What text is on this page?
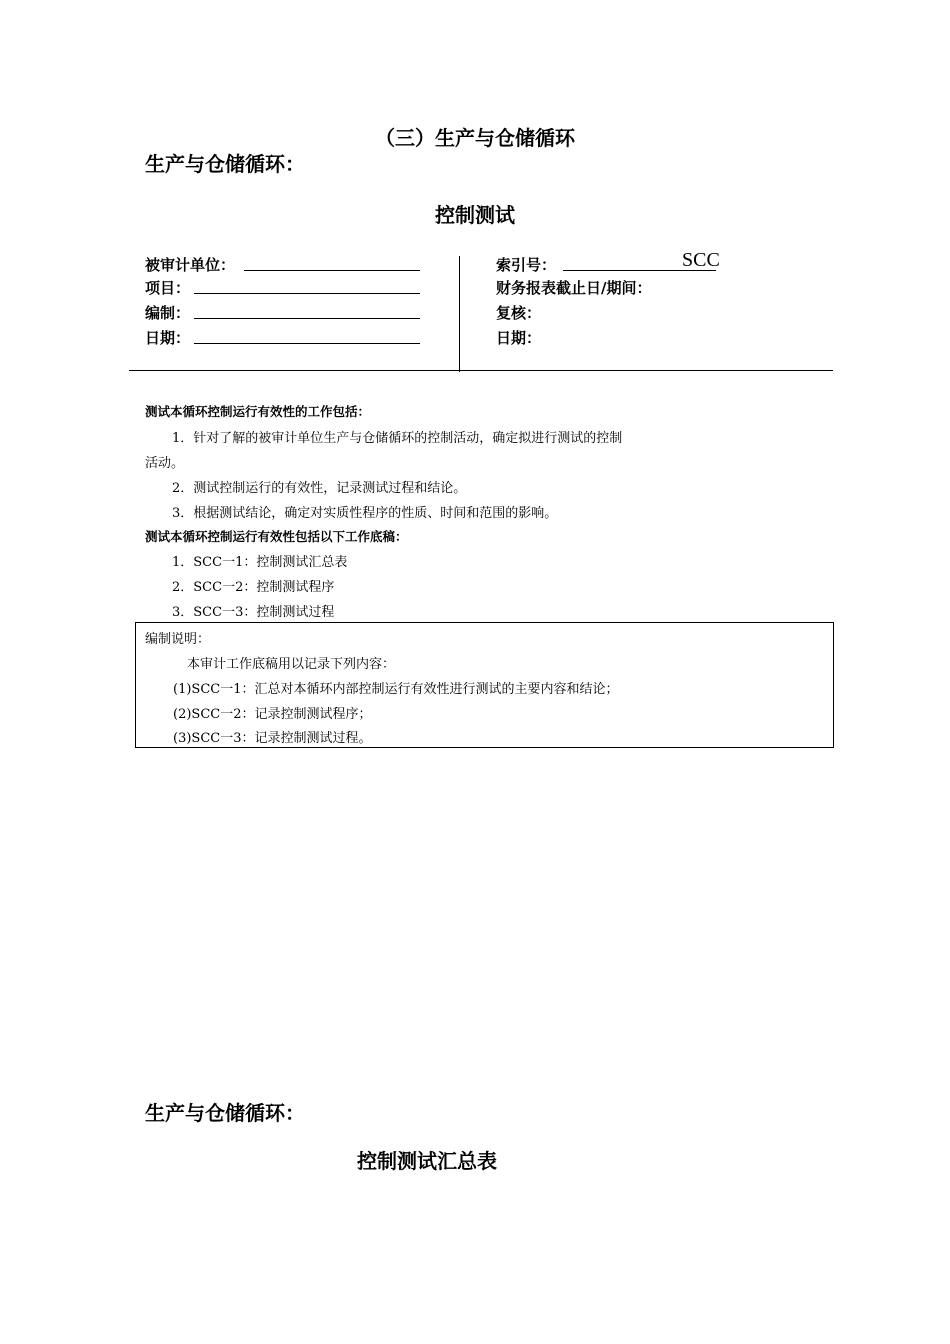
（三）生产与仓储循环
生产与仓储循环：
控制测试
被审计单位：
项目：
编制：
日期：
索引号：	SCC
财务报表截止日/期间：
复核：
日期：
测试本循环控制运行有效性的工作包括：
1．针对了解的被审计单位生产与仓储循环的控制活动，确定拟进行测试的控制
活动。
2．测试控制运行的有效性，记录测试过程和结论。
3．根据测试结论，确定对实质性程序的性质、时间和范围的影响。
测试本循环控制运行有效性包括以下工作底稿：
1．SCC一1：控制测试汇总表
2．SCC一2：控制测试程序
3．SCC一3：控制测试过程
编制说明：
本审计工作底稿用以记录下列内容：
(1)SCC一1：汇总对本循环内部控制运行有效性进行测试的主要内容和结论；
(2)SCC一2：记录控制测试程序；
(3)SCC一3：记录控制测试过程。
生产与仓储循环：
控制测试汇总表
